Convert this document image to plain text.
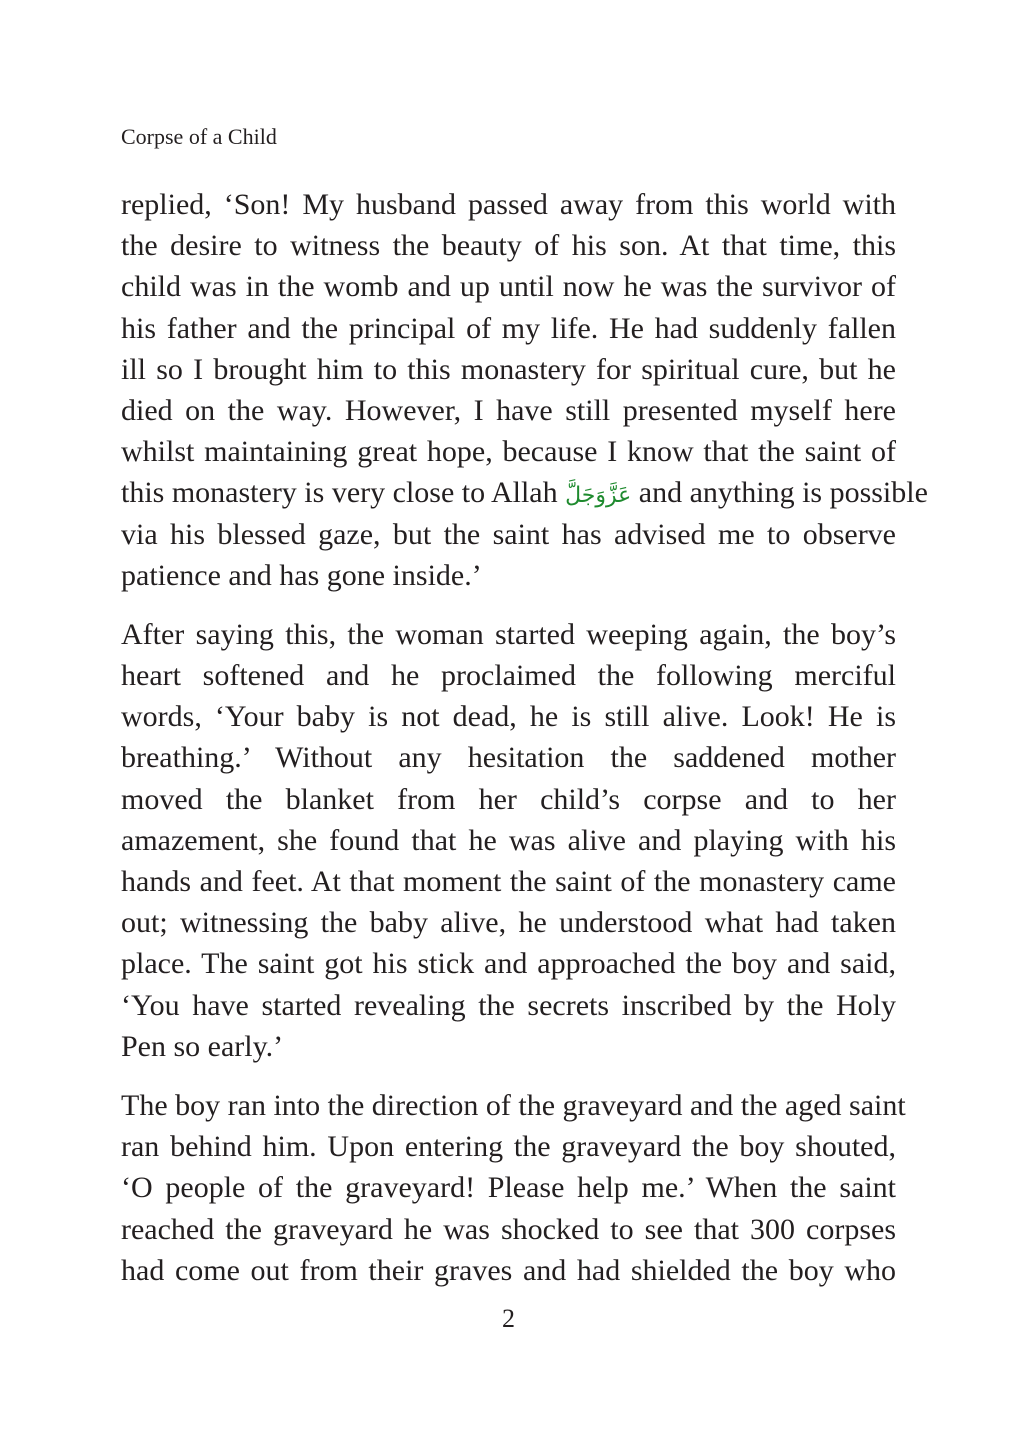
Corpse of a Child
replied, ‘Son! My husband passed away from this world with
the desire to witness the beauty of his son. At that time, this
child was in the womb and up until now he was the survivor of
his father and the principal of my life. He had suddenly fallen
ill so I brought him to this monastery for spiritual cure, but he
died on the way. However, I have still presented myself here
whilst maintaining great hope, because I know that the saint of
this monastery is very close to Allah عَزَّوَجَلَّ and anything is possible
via his blessed gaze, but the saint has advised me to observe
patience and has gone inside.’
After saying this, the woman started weeping again, the boy’s
heart softened and he proclaimed the following merciful
words, ‘Your baby is not dead, he is still alive. Look! He is
breathing.’ Without any hesitation the saddened mother
moved the blanket from her child’s corpse and to her
amazement, she found that he was alive and playing with his
hands and feet. At that moment the saint of the monastery came
out; witnessing the baby alive, he understood what had taken
place. The saint got his stick and approached the boy and said,
‘You have started revealing the secrets inscribed by the Holy
Pen so early.’
The boy ran into the direction of the graveyard and the aged saint
ran behind him. Upon entering the graveyard the boy shouted,
‘O people of the graveyard! Please help me.’ When the saint
reached the graveyard he was shocked to see that 300 corpses
had come out from their graves and had shielded the boy who
2
